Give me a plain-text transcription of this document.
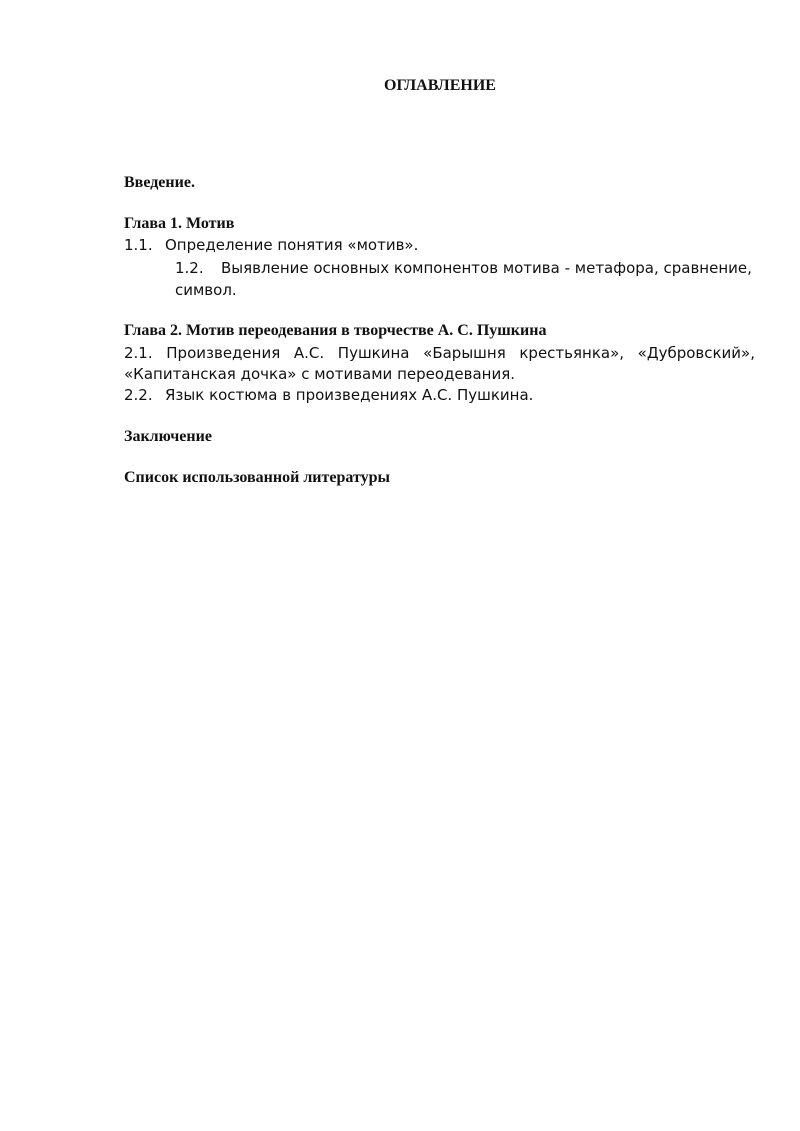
ОГЛАВЛЕНИЕ

Введение.

Глава 1. Мотив

1.1. Определение понятия «мотив».
1.2. Выявление основных компонентов мотива - метафора, сравнение,
символ.

Глава 2. Мотив переодевания в творчестве А. С. Пушкина

2.1. Произведения А.С. Пушкина «Барышня крестьянка», «Дубровский»,
«Капитанская дочка» с мотивами переодевания.
2.2. Язык костюма в произведениях А.С. Пушкина.

Заключение

Список использованной литературы
